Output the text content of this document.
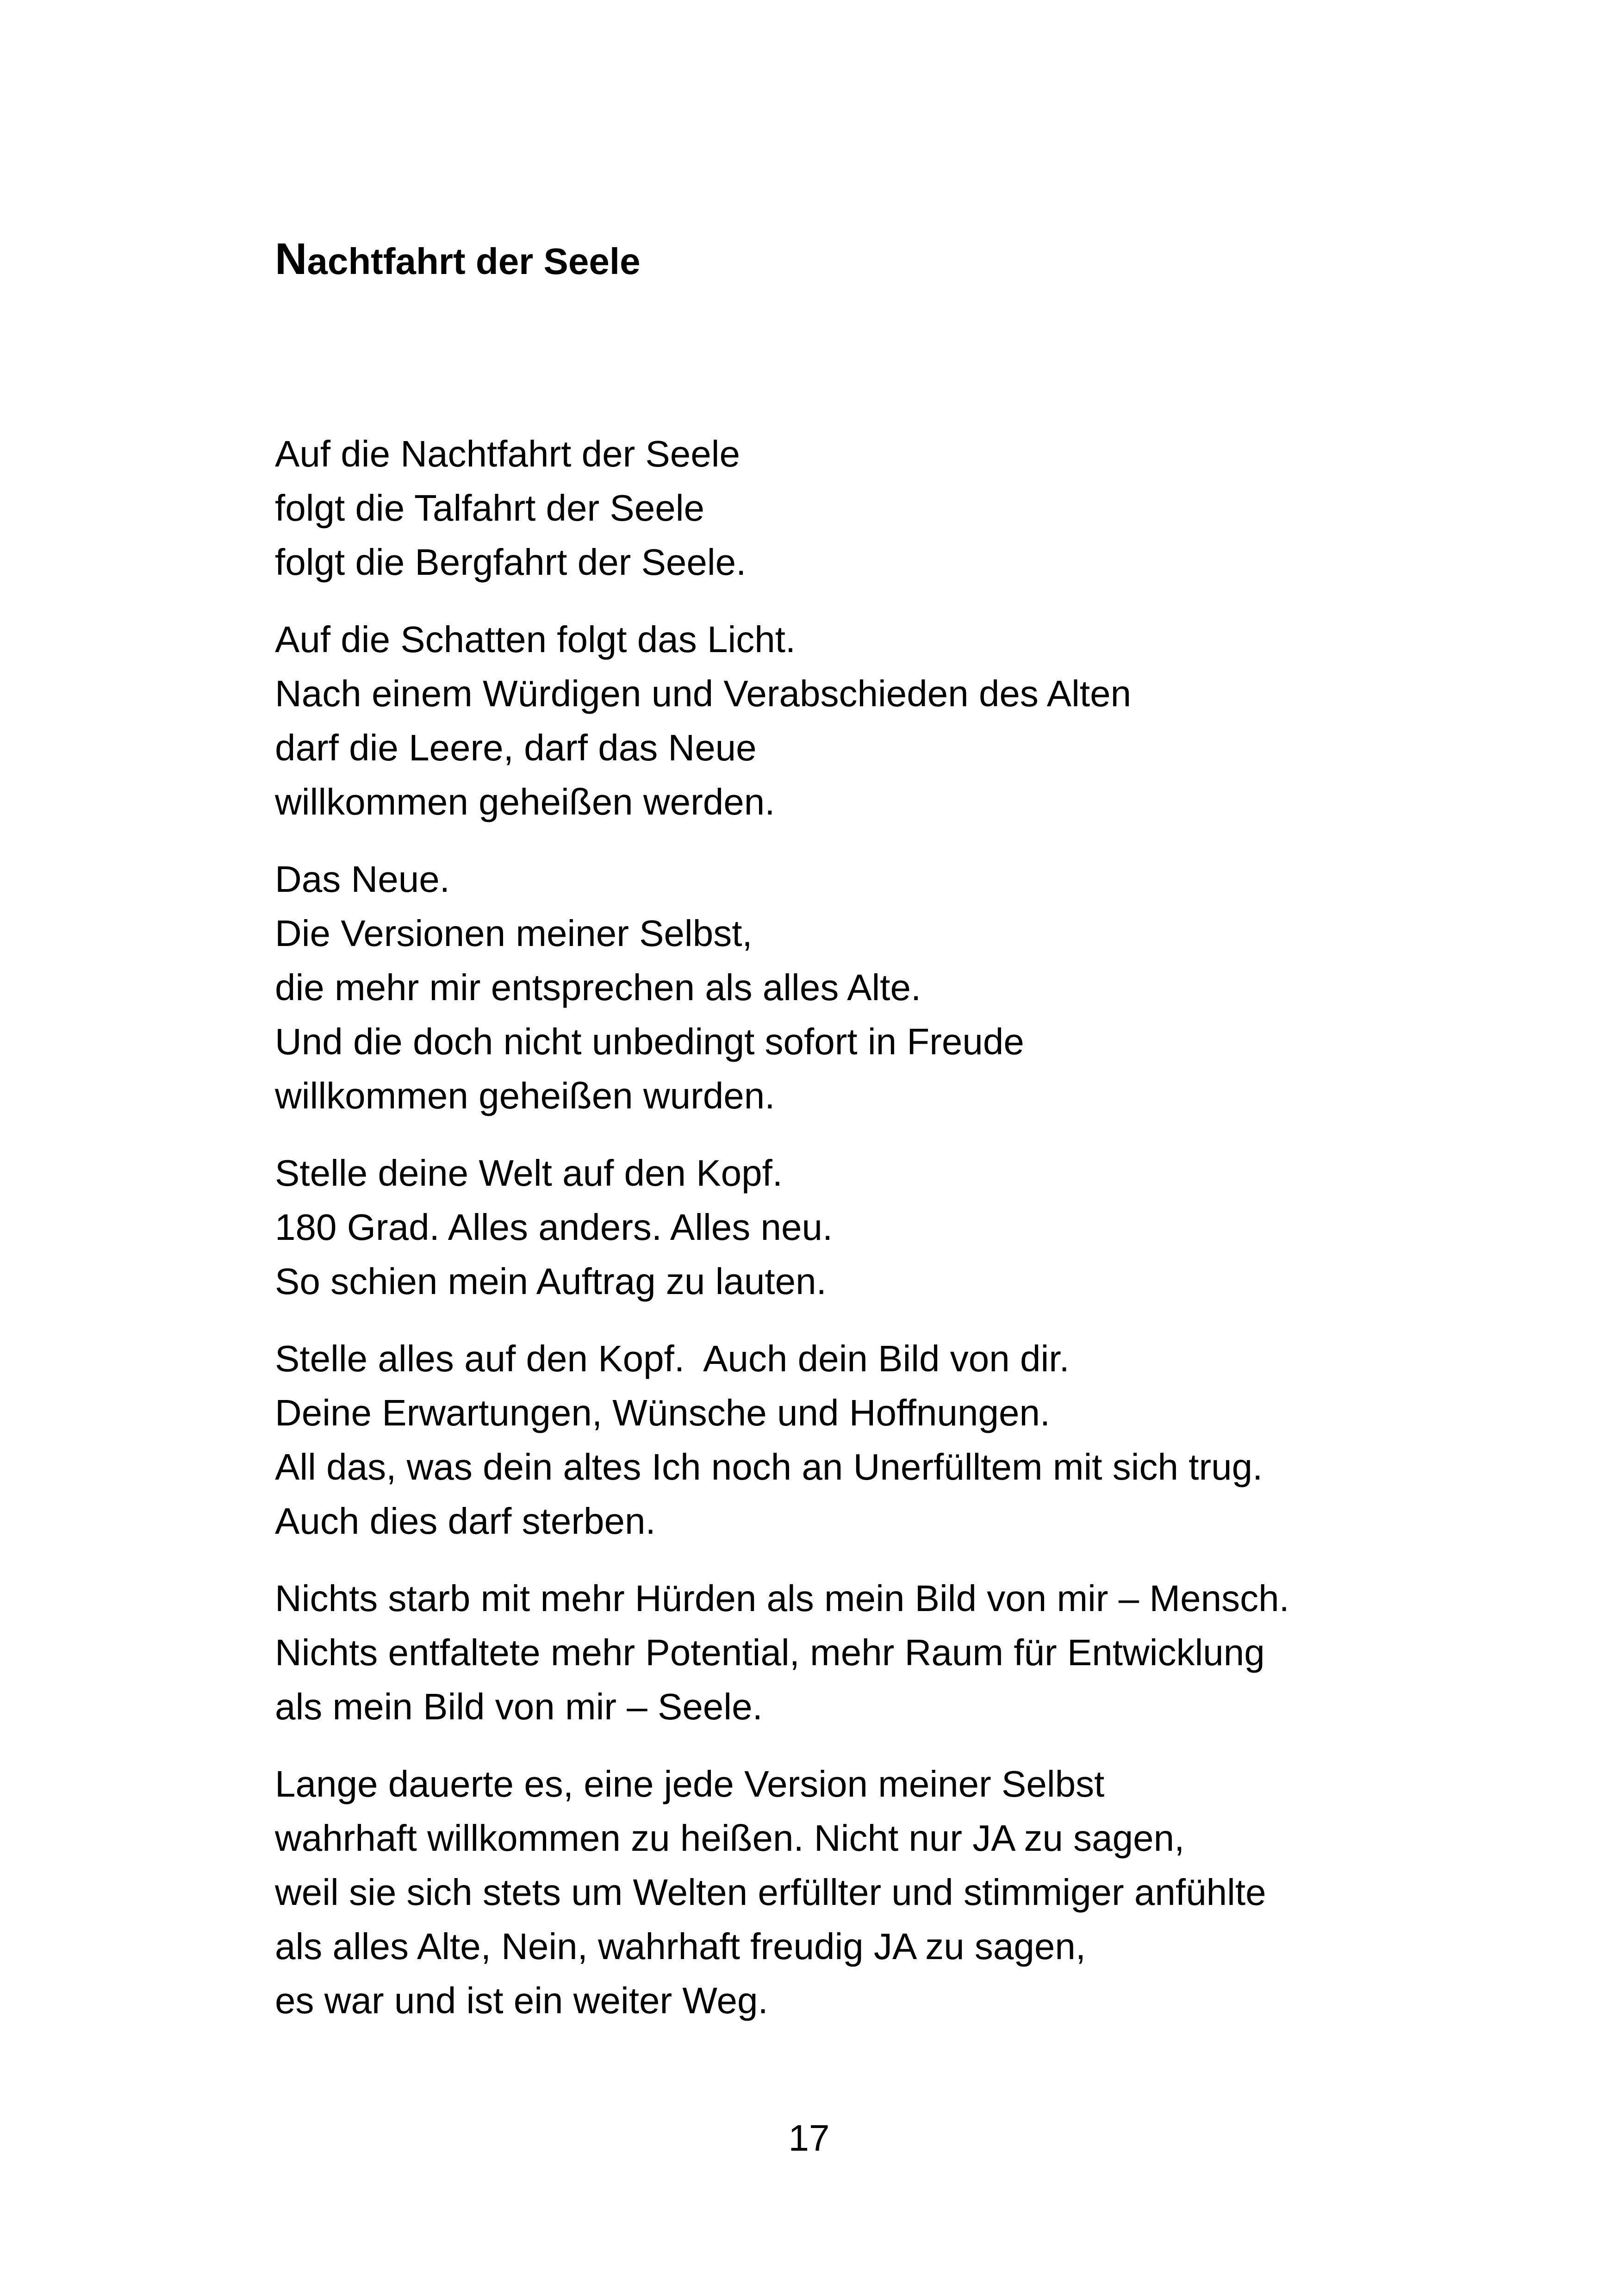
Nachtfahrt der Seele
Auf die Nachtfahrt der Seele
folgt die Talfahrt der Seele
folgt die Bergfahrt der Seele.
Auf die Schatten folgt das Licht.
Nach einem Würdigen und Verabschieden des Alten
darf die Leere, darf das Neue
willkommen geheißen werden.
Das Neue.
Die Versionen meiner Selbst,
die mehr mir entsprechen als alles Alte.
Und die doch nicht unbedingt sofort in Freude
willkommen geheißen wurden.
Stelle deine Welt auf den Kopf.
180 Grad. Alles anders. Alles neu.
So schien mein Auftrag zu lauten.
Stelle alles auf den Kopf.  Auch dein Bild von dir.
Deine Erwartungen, Wünsche und Hoffnungen.
All das, was dein altes Ich noch an Unerfülltem mit sich trug.
Auch dies darf sterben.
Nichts starb mit mehr Hürden als mein Bild von mir – Mensch.
Nichts entfaltete mehr Potential, mehr Raum für Entwicklung
als mein Bild von mir – Seele.
Lange dauerte es, eine jede Version meiner Selbst
wahrhaft willkommen zu heißen. Nicht nur JA zu sagen,
weil sie sich stets um Welten erfüllter und stimmiger anfühlte
als alles Alte, Nein, wahrhaft freudig JA zu sagen,
es war und ist ein weiter Weg.
17
